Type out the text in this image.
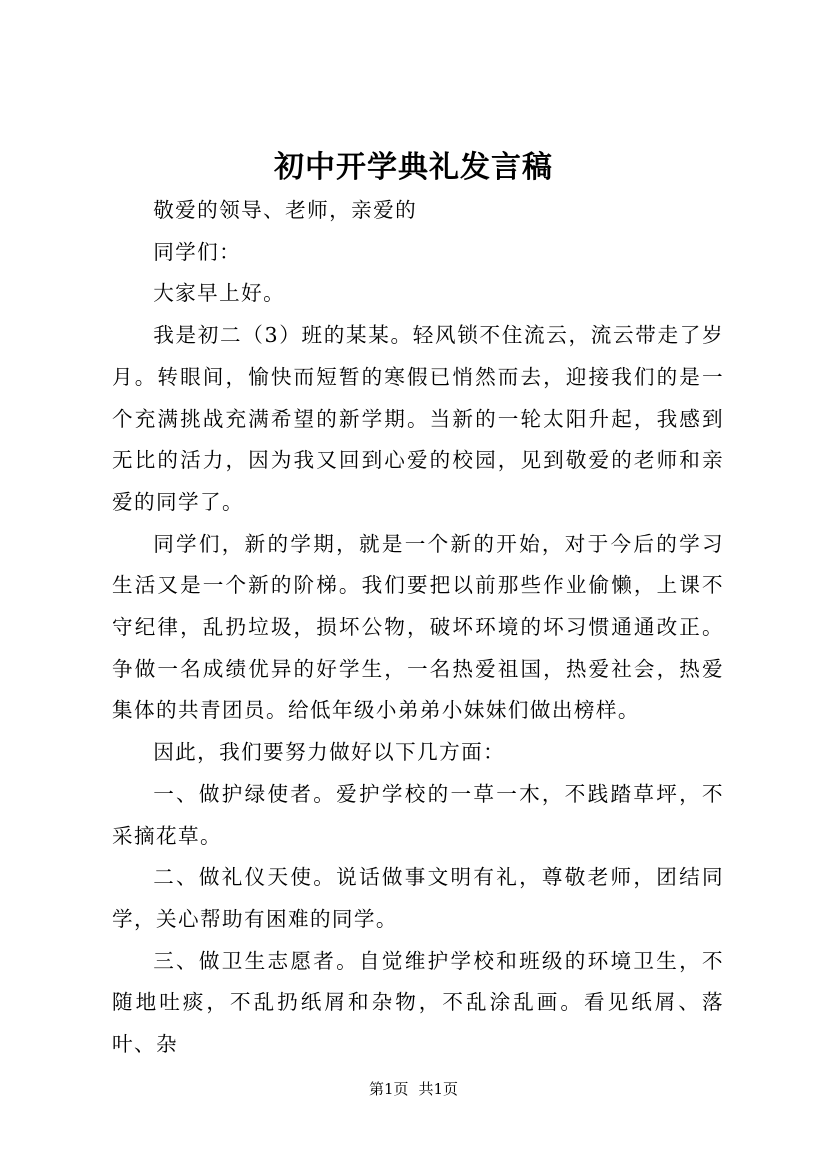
初中开学典礼发言稿

敬爱的领导、老师，亲爱的

同学们：

大家早上好。

我是初二（3）班的某某。轻风锁不住流云，流云带走了岁月。转眼间，愉快而短暂的寒假已悄然而去，迎接我们的是一个充满挑战充满希望的新学期。当新的一轮太阳升起，我感到无比的活力，因为我又回到心爱的校园，见到敬爱的老师和亲爱的同学了。

同学们，新的学期，就是一个新的开始，对于今后的学习生活又是一个新的阶梯。我们要把以前那些作业偷懒，上课不守纪律，乱扔垃圾，损坏公物，破坏环境的坏习惯通通改正。争做一名成绩优异的好学生，一名热爱祖国，热爱社会，热爱集体的共青团员。给低年级小弟弟小妹妹们做出榜样。

因此，我们要努力做好以下几方面：

一、做护绿使者。爱护学校的一草一木，不践踏草坪，不采摘花草。

二、做礼仪天使。说话做事文明有礼，尊敬老师，团结同学，关心帮助有困难的同学。

三、做卫生志愿者。自觉维护学校和班级的环境卫生，不随地吐痰，不乱扔纸屑和杂物，不乱涂乱画。看见纸屑、落叶、杂

第1页 共1页
